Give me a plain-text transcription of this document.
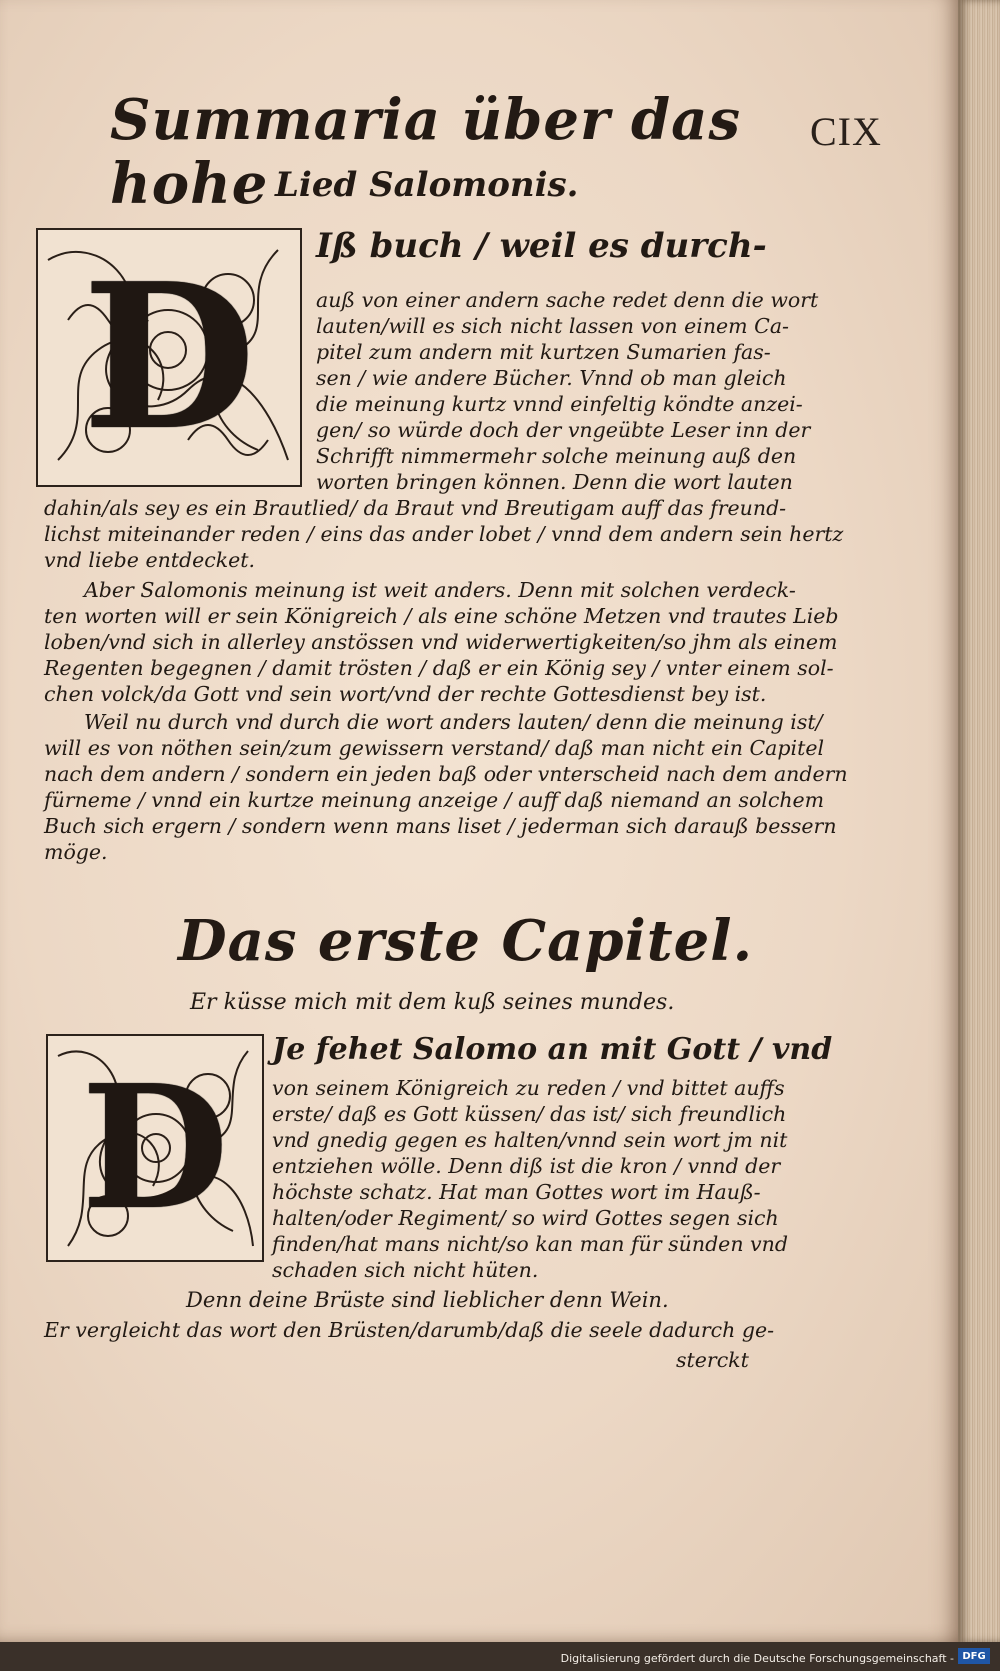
CIX
Summaria über das hohe Lied Salomonis.
D Iß buch / weil es durch-
auß von einer andern sache redet denn die wort
lauten/will es sich nicht lassen von einem Ca-
pitel zum andern mit kurtzen Sumarien fas-
sen / wie andere Bücher. Vnnd ob man gleich
die meinung kurtz vnnd einfeltig köndte anzei-
gen/ so würde doch der vngeübte Leser inn der
Schrifft nimmermehr solche meinung auß den
worten bringen können. Denn die wort lauten
dahin/als sey es ein Brautlied/ da Braut vnd Breutigam auff das freund-
lichst miteinander reden / eins das ander lobet / vnnd dem andern sein hertz
vnd liebe entdecket.
Aber Salomonis meinung ist weit anders. Denn mit solchen verdeck-
ten worten will er sein Königreich / als eine schöne Metzen vnd trautes Lieb
loben/vnd sich in allerley anstössen vnd widerwertigkeiten/so jhm als einem
Regenten begegnen / damit trösten / daß er ein König sey / vnter einem sol-
chen volck/da Gott vnd sein wort/vnd der rechte Gottesdienst bey ist.
Weil nu durch vnd durch die wort anders lauten/ denn die meinung ist/
will es von nöthen sein/zum gewissern verstand/ daß man nicht ein Capitel
nach dem andern / sondern ein jeden baß oder vnterscheid nach dem andern
fürneme / vnnd ein kurtze meinung anzeige / auff daß niemand an solchem
Buch sich ergern / sondern wenn mans liset / jederman sich darauß bessern
möge.
Das erste Capitel.
Er küsse mich mit dem kuß seines mundes.
D Je fehet Salomo an mit Gott / vnd
von seinem Königreich zu reden / vnd bittet auffs
erste/ daß es Gott küssen/ das ist/ sich freundlich
vnd gnedig gegen es halten/vnnd sein wort jm nit
entziehen wölle. Denn diß ist die kron / vnnd der
höchste schatz. Hat man Gottes wort im Hauß-
halten/oder Regiment/ so wird Gottes segen sich
finden/hat mans nicht/so kan man für sünden vnd
schaden sich nicht hüten.
Denn deine Brüste sind lieblicher denn Wein.
Er vergleicht das wort den Brüsten/darumb/daß die seele dadurch ge-
sterckt
Digitalisierung gefördert durch die Deutsche Forschungsgemeinschaft - DFG
